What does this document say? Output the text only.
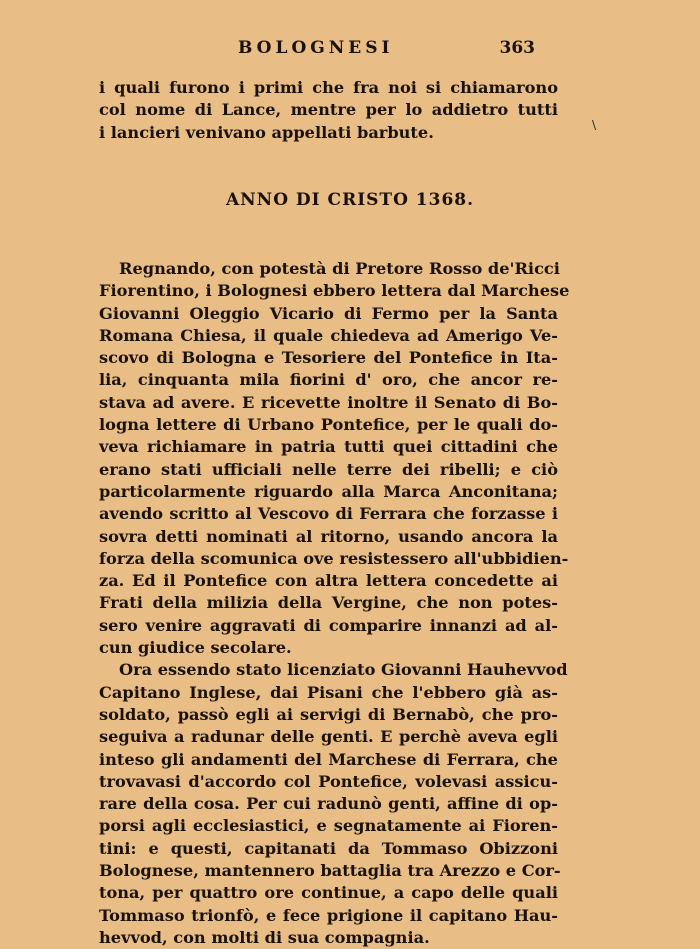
BOLOGNESI	363
i quali furono i primi che fra noi si chiamarono
col nome di Lance, mentre per lo addietro tutti
i lancieri venivano appellati barbute.	\
ANNO DI CRISTO 1368.
Regnando, con potestà di Pretore Rosso de'Ricci
Fiorentino, i Bolognesi ebbero lettera dal Marchese
Giovanni Oleggio Vicario di Fermo per la Santa
Romana Chiesa, il quale chiedeva ad Amerigo Ve-
scovo di Bologna e Tesoriere del Pontefice in Ita-
lia, cinquanta mila fiorini d' oro, che ancor re-
stava ad avere. E ricevette inoltre il Senato di Bo-
logna lettere di Urbano Pontefice, per le quali do-
veva richiamare in patria tutti quei cittadini che
erano stati ufficiali nelle terre dei ribelli; e ciò
particolarmente riguardo alla Marca Anconitana;
avendo scritto al Vescovo di Ferrara che forzasse i
sovra detti nominati al ritorno, usando ancora la
forza della scomunica ove resistessero all'ubbidien-
za. Ed il Pontefice con altra lettera concedette ai
Frati della milizia della Vergine, che non potes-
sero venire aggravati di comparire innanzi ad al-
cun giudice secolare.
Ora essendo stato licenziato Giovanni Hauhevvod
Capitano Inglese, dai Pisani che l'ebbero già as-
soldato, passò egli ai servigi di Bernabò, che pro-
seguiva a radunar delle genti. E perchè aveva egli
inteso gli andamenti del Marchese di Ferrara, che
trovavasi d'accordo col Pontefice, volevasi assicu-
rare della cosa. Per cui radunò genti, affine di op-
porsi agli ecclesiastici, e segnatamente ai Fioren-
tini: e questi, capitanati da Tommaso Obizzoni
Bolognese, mantennero battaglia tra Arezzo e Cor-
tona, per quattro ore continue, a capo delle quali
Tommaso trionfò, e fece prigione il capitano Hau-
hevvod, con molti di sua compagnia.
